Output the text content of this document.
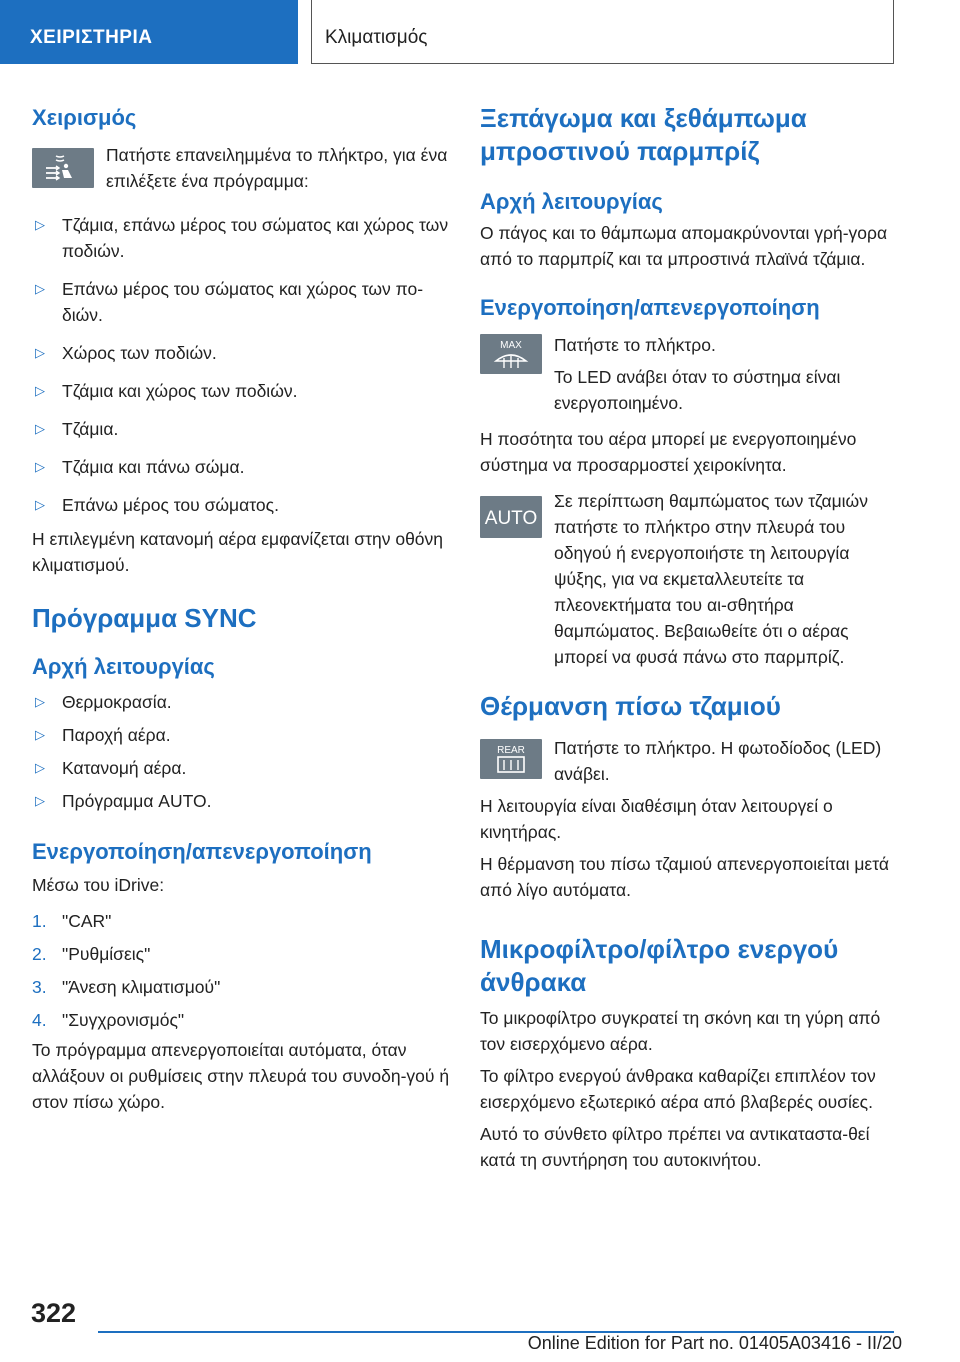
ΧΕΙΡΙΣΤΗΡΙΑ	Κλιματισμός

Χειρισμός

Πατήστε επανειλημμένα το πλήκτρο, για ένα επιλέξετε ένα πρόγραμμα:

▷ Τζάμια, επάνω μέρος του σώματος και χώρος των ποδιών.
▷ Επάνω μέρος του σώματος και χώρος των πο-διών.
▷ Χώρος των ποδιών.
▷ Τζάμια και χώρος των ποδιών.
▷ Τζάμια.
▷ Τζάμια και πάνω σώμα.
▷ Επάνω μέρος του σώματος.

Η επιλεγμένη κατανομή αέρα εμφανίζεται στην οθόνη κλιματισμού.

Πρόγραμμα SYNC

Αρχή λειτουργίας

▷ Θερμοκρασία.
▷ Παροχή αέρα.
▷ Κατανομή αέρα.
▷ Πρόγραμμα AUTO.

Ενεργοποίηση/απενεργοποίηση

Μέσω του iDrive:

1. "CAR"
2. "Ρυθμίσεις"
3. "Άνεση κλιματισμού"
4. "Συγχρονισμός"

Το πρόγραμμα απενεργοποιείται αυτόματα, όταν αλλάξουν οι ρυθμίσεις στην πλευρά του συνοδη-γού ή στον πίσω χώρο.

Ξεπάγωμα και ξεθάμπωμα μπροστινού παρμπρίζ

Αρχή λειτουργίας

Ο πάγος και το θάμπωμα απομακρύνονται γρή-γορα από το παρμπρίζ και τα μπροστινά πλαϊνά τζάμια.

Ενεργοποίηση/απενεργοποίηση

MAX	Πατήστε το πλήκτρο.

Το LED ανάβει όταν το σύστημα είναι ενεργοποιημένο.

Η ποσότητα του αέρα μπορεί με ενεργοποιημένο σύστημα να προσαρμοστεί χειροκίνητα.

AUTO

Σε περίπτωση θαμπώματος των τζαμιών πατήστε το πλήκτρο στην πλευρά του οδηγού ή ενεργοποιήστε τη λειτουργία ψύξης, για να εκμεταλλευτείτε τα πλεονεκτήματα του αι-σθητήρα θαμπώματος. Βεβαιωθείτε ότι ο αέρας μπορεί να φυσά πάνω στο παρμπρίζ.

Θέρμανση πίσω τζαμιού

REAR	Πατήστε το πλήκτρο. Η φωτοδίοδος (LED) ανάβει.

Η λειτουργία είναι διαθέσιμη όταν λειτουργεί ο κινητήρας.

Η θέρμανση του πίσω τζαμιού απενεργοποιείται μετά από λίγο αυτόματα.

Μικροφίλτρο/φίλτρο ενεργού άνθρακα

Το μικροφίλτρο συγκρατεί τη σκόνη και τη γύρη από τον εισερχόμενο αέρα.

Το φίλτρο ενεργού άνθρακα καθαρίζει επιπλέον τον εισερχόμενο εξωτερικό αέρα από βλαβερές ουσίες.

Αυτό το σύνθετο φίλτρο πρέπει να αντικαταστα-θεί κατά τη συντήρηση του αυτοκινήτου.

322
Online Edition for Part no. 01405A03416 - II/20
